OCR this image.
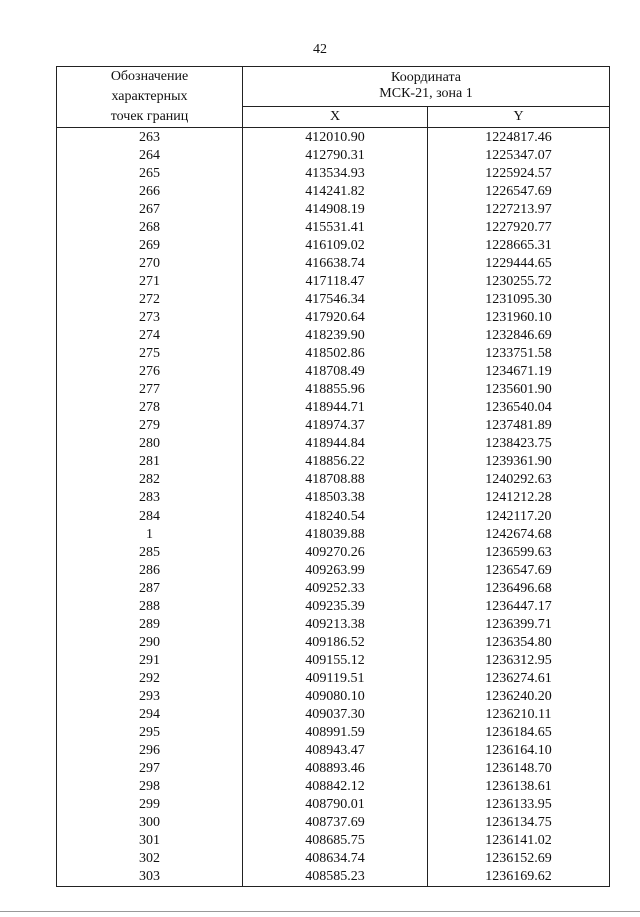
42
Обозначение
характерных
точек границ	Координата
МСК-21, зона 1	
	X	Y
263	412010.90	1224817.46
264	412790.31	1225347.07
265	413534.93	1225924.57
266	414241.82	1226547.69
267	414908.19	1227213.97
268	415531.41	1227920.77
269	416109.02	1228665.31
270	416638.74	1229444.65
271	417118.47	1230255.72
272	417546.34	1231095.30
273	417920.64	1231960.10
274	418239.90	1232846.69
275	418502.86	1233751.58
276	418708.49	1234671.19
277	418855.96	1235601.90
278	418944.71	1236540.04
279	418974.37	1237481.89
280	418944.84	1238423.75
281	418856.22	1239361.90
282	418708.88	1240292.63
283	418503.38	1241212.28
284	418240.54	1242117.20
1	418039.88	1242674.68
285	409270.26	1236599.63
286	409263.99	1236547.69
287	409252.33	1236496.68
288	409235.39	1236447.17
289	409213.38	1236399.71
290	409186.52	1236354.80
291	409155.12	1236312.95
292	409119.51	1236274.61
293	409080.10	1236240.20
294	409037.30	1236210.11
295	408991.59	1236184.65
296	408943.47	1236164.10
297	408893.46	1236148.70
298	408842.12	1236138.61
299	408790.01	1236133.95
300	408737.69	1236134.75
301	408685.75	1236141.02
302	408634.74	1236152.69
303	408585.23	1236169.62
